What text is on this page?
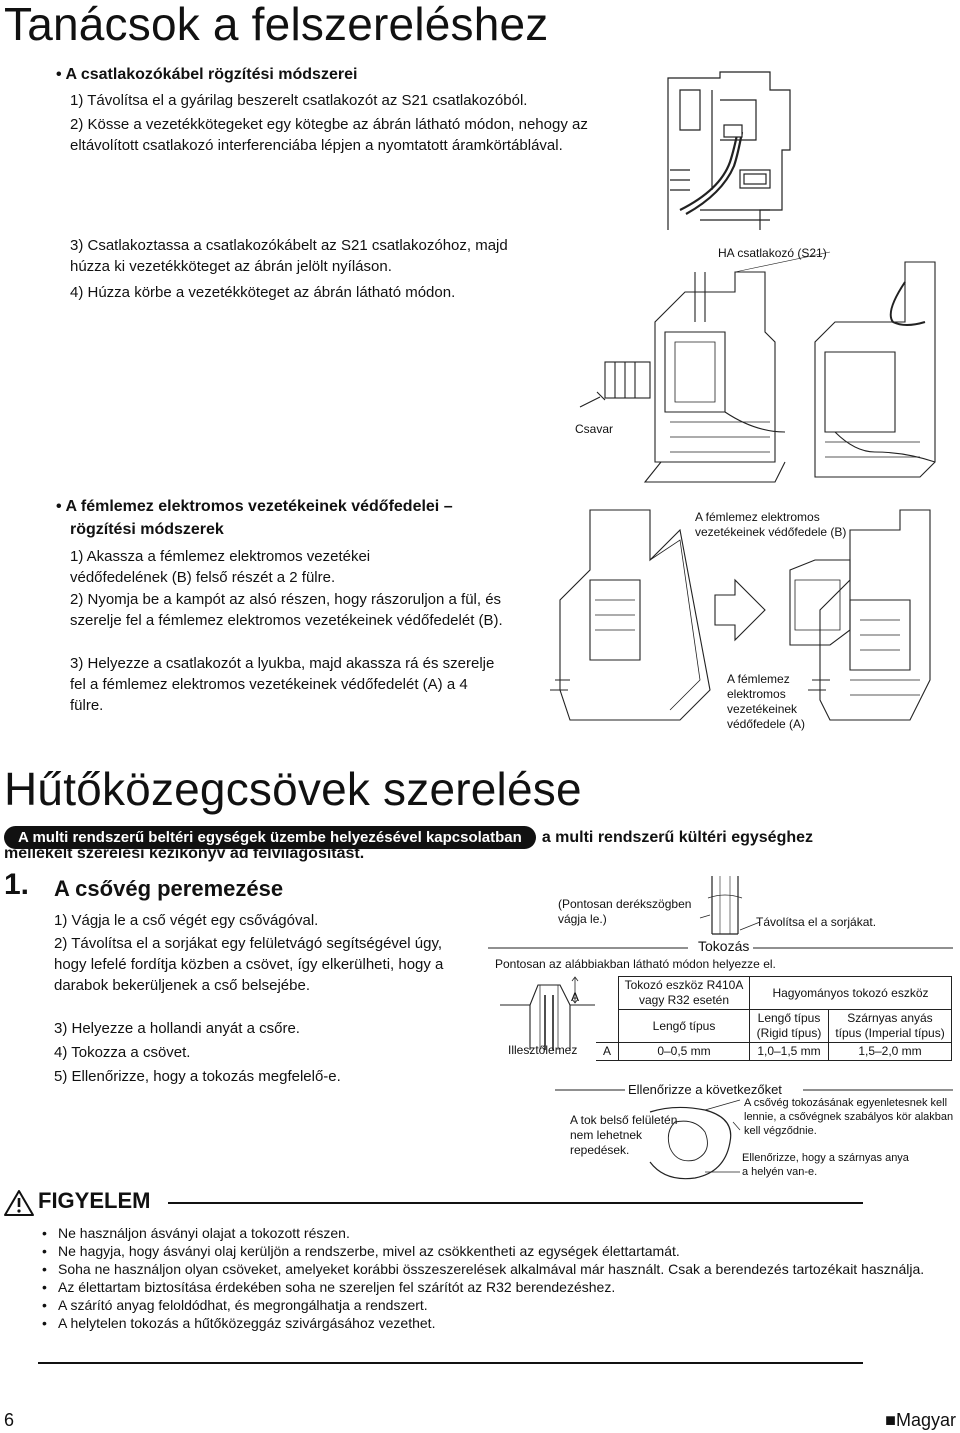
Tanácsok a felszereléshez
• A csatlakozókábel rögzítési módszerei
1) Távolítsa el a gyárilag beszerelt csatlakozót az S21 csatlakozóból.
2) Kösse a vezetékkötegeket egy kötegbe az ábrán látható módon, nehogy az eltávolított csatlakozó interferenciába lépjen a nyomtatott áramkörtáblával.
3) Csatlakoztassa a csatlakozókábelt az S21 csatlakozóhoz, majd húzza ki vezetékköteget az ábrán jelölt nyíláson.
4) Húzza körbe a vezetékköteget az ábrán látható módon.
HA csatlakozó (S21)
Csavar
• A fémlemez elektromos vezetékeinek védőfedelei –
rögzítési módszerek
1) Akassza a fémlemez elektromos vezetékei védőfedelének (B) felső részét a 2 fülre.
2) Nyomja be a kampót az alsó részen, hogy rászoruljon a fül, és szerelje fel a fémlemez elektromos vezetékeinek védőfedelét (B).
3) Helyezze a csatlakozót a lyukba, majd akassza rá és szerelje fel a fémlemez elektromos vezetékeinek védőfedelét (A) a 4 fülre.
A fémlemez elektromos vezetékeinek védőfedele (B)
A fémlemez elektromos vezetékeinek védőfedele (A)
Hűtőközegcsövek szerelése
A multi rendszerű beltéri egységek üzembe helyezésével kapcsolatban	a multi rendszerű kültéri egységhez
mellékelt szerelési kézikönyv ad felvilágosítást.
1. A csővég peremezése
1) Vágja le a cső végét egy csővágóval.
2) Távolítsa el a sorjákat egy felületvágó segítségével úgy, hogy lefelé fordítja közben a csövet, így elkerülheti, hogy a darabok bekerüljenek a cső belsejébe.
3) Helyezze a hollandi anyát a csőre.
4) Tokozza a csövet.
5) Ellenőrizze, hogy a tokozás megfelelő-e.
(Pontosan derékszögben vágja le.)	Távolítsa el a sorjákat.
Tokozás
Pontosan az alábbiakban látható módon helyezze el.
A
Illesztőlemez
	Tokozó eszköz R410A vagy R32 esetén	Hagyományos tokozó eszköz	
	Lengő típus	Lengő típus (Rigid típus)	Szárnyas anyás típus (Imperial típus)
A	0–0,5 mm	1,0–1,5 mm	1,5–2,0 mm
Ellenőrizze a következőket
A tok belső felületén nem lehetnek repedések.
A csővég tokozásának egyenletesnek kell lennie, a csővégnek szabályos kör alakban kell végződnie.
Ellenőrizze, hogy a szárnyas anya a helyén van-e.
FIGYELEM
• Ne használjon ásványi olajat a tokozott részen.
• Ne hagyja, hogy ásványi olaj kerüljön a rendszerbe, mivel az csökkentheti az egységek élettartamát.
• Soha ne használjon olyan csöveket, amelyeket korábbi összeszerelések alkalmával már használt. Csak a berendezés tartozékait használja.
• Az élettartam biztosítása érdekében soha ne szereljen fel szárítót az R32 berendezéshez.
• A szárító anyag feloldódhat, és megrongálhatja a rendszert.
• A helytelen tokozás a hűtőközeggáz szivárgásához vezethet.
6	■Magyar
